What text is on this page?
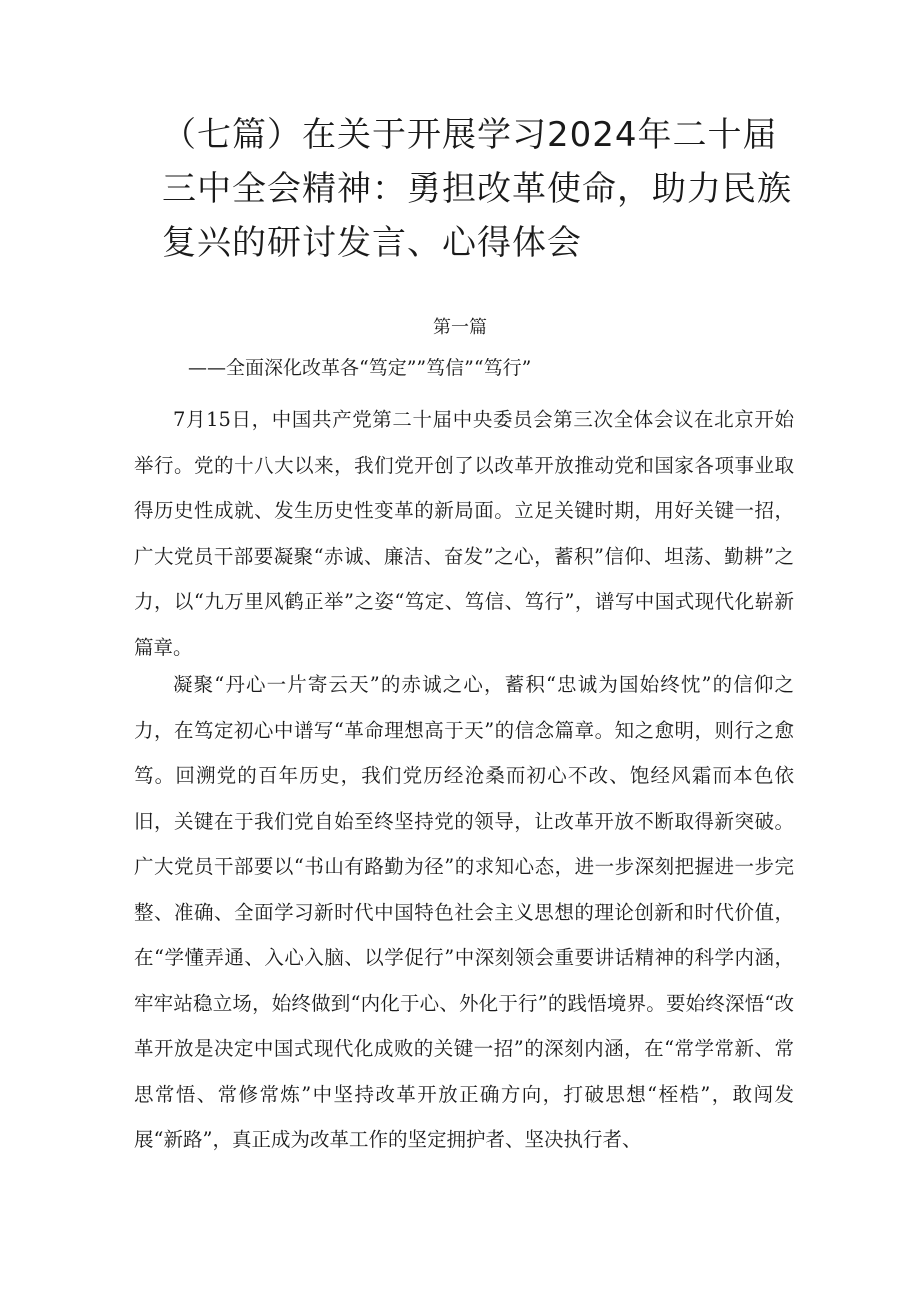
（七篇）在关于开展学习2024年二十届三中全会精神：勇担改革使命，助力民族复兴的研讨发言、心得体会

第一篇

——全面深化改革各“笃定””笃信”“笃行”

7月15日，中国共产党第二十届中央委员会第三次全体会议在北京开始举行。党的十八大以来，我们党开创了以改革开放推动党和国家各项事业取得历史性成就、发生历史性变革的新局面。立足关键时期，用好关键一招，广大党员干部要凝聚“赤诚、廉洁、奋发”之心，蓄积”信仰、坦荡、勤耕”之力，以“九万里风鹤正举”之姿“笃定、笃信、笃行”，谱写中国式现代化崭新篇章。

凝聚“丹心一片寄云天”的赤诚之心，蓄积“忠诚为国始终忱”的信仰之力，在笃定初心中谱写“革命理想高于天”的信念篇章。知之愈明，则行之愈笃。回溯党的百年历史，我们党历经沧桑而初心不改、饱经风霜而本色依旧，关键在于我们党自始至终坚持党的领导，让改革开放不断取得新突破。广大党员干部要以“书山有路勤为径”的求知心态，进一步深刻把握进一步完整、准确、全面学习新时代中国特色社会主义思想的理论创新和时代价值，在“学懂弄通、入心入脑、以学促行”中深刻领会重要讲话精神的科学内涵，牢牢站稳立场，始终做到“内化于心、外化于行”的践悟境界。要始终深悟“改革开放是决定中国式现代化成败的关键一招”的深刻内涵，在“常学常新、常思常悟、常修常炼”中坚持改革开放正确方向，打破思想“桎梏”，敢闯发展“新路”，真正成为改革工作的坚定拥护者、坚决执行者、
